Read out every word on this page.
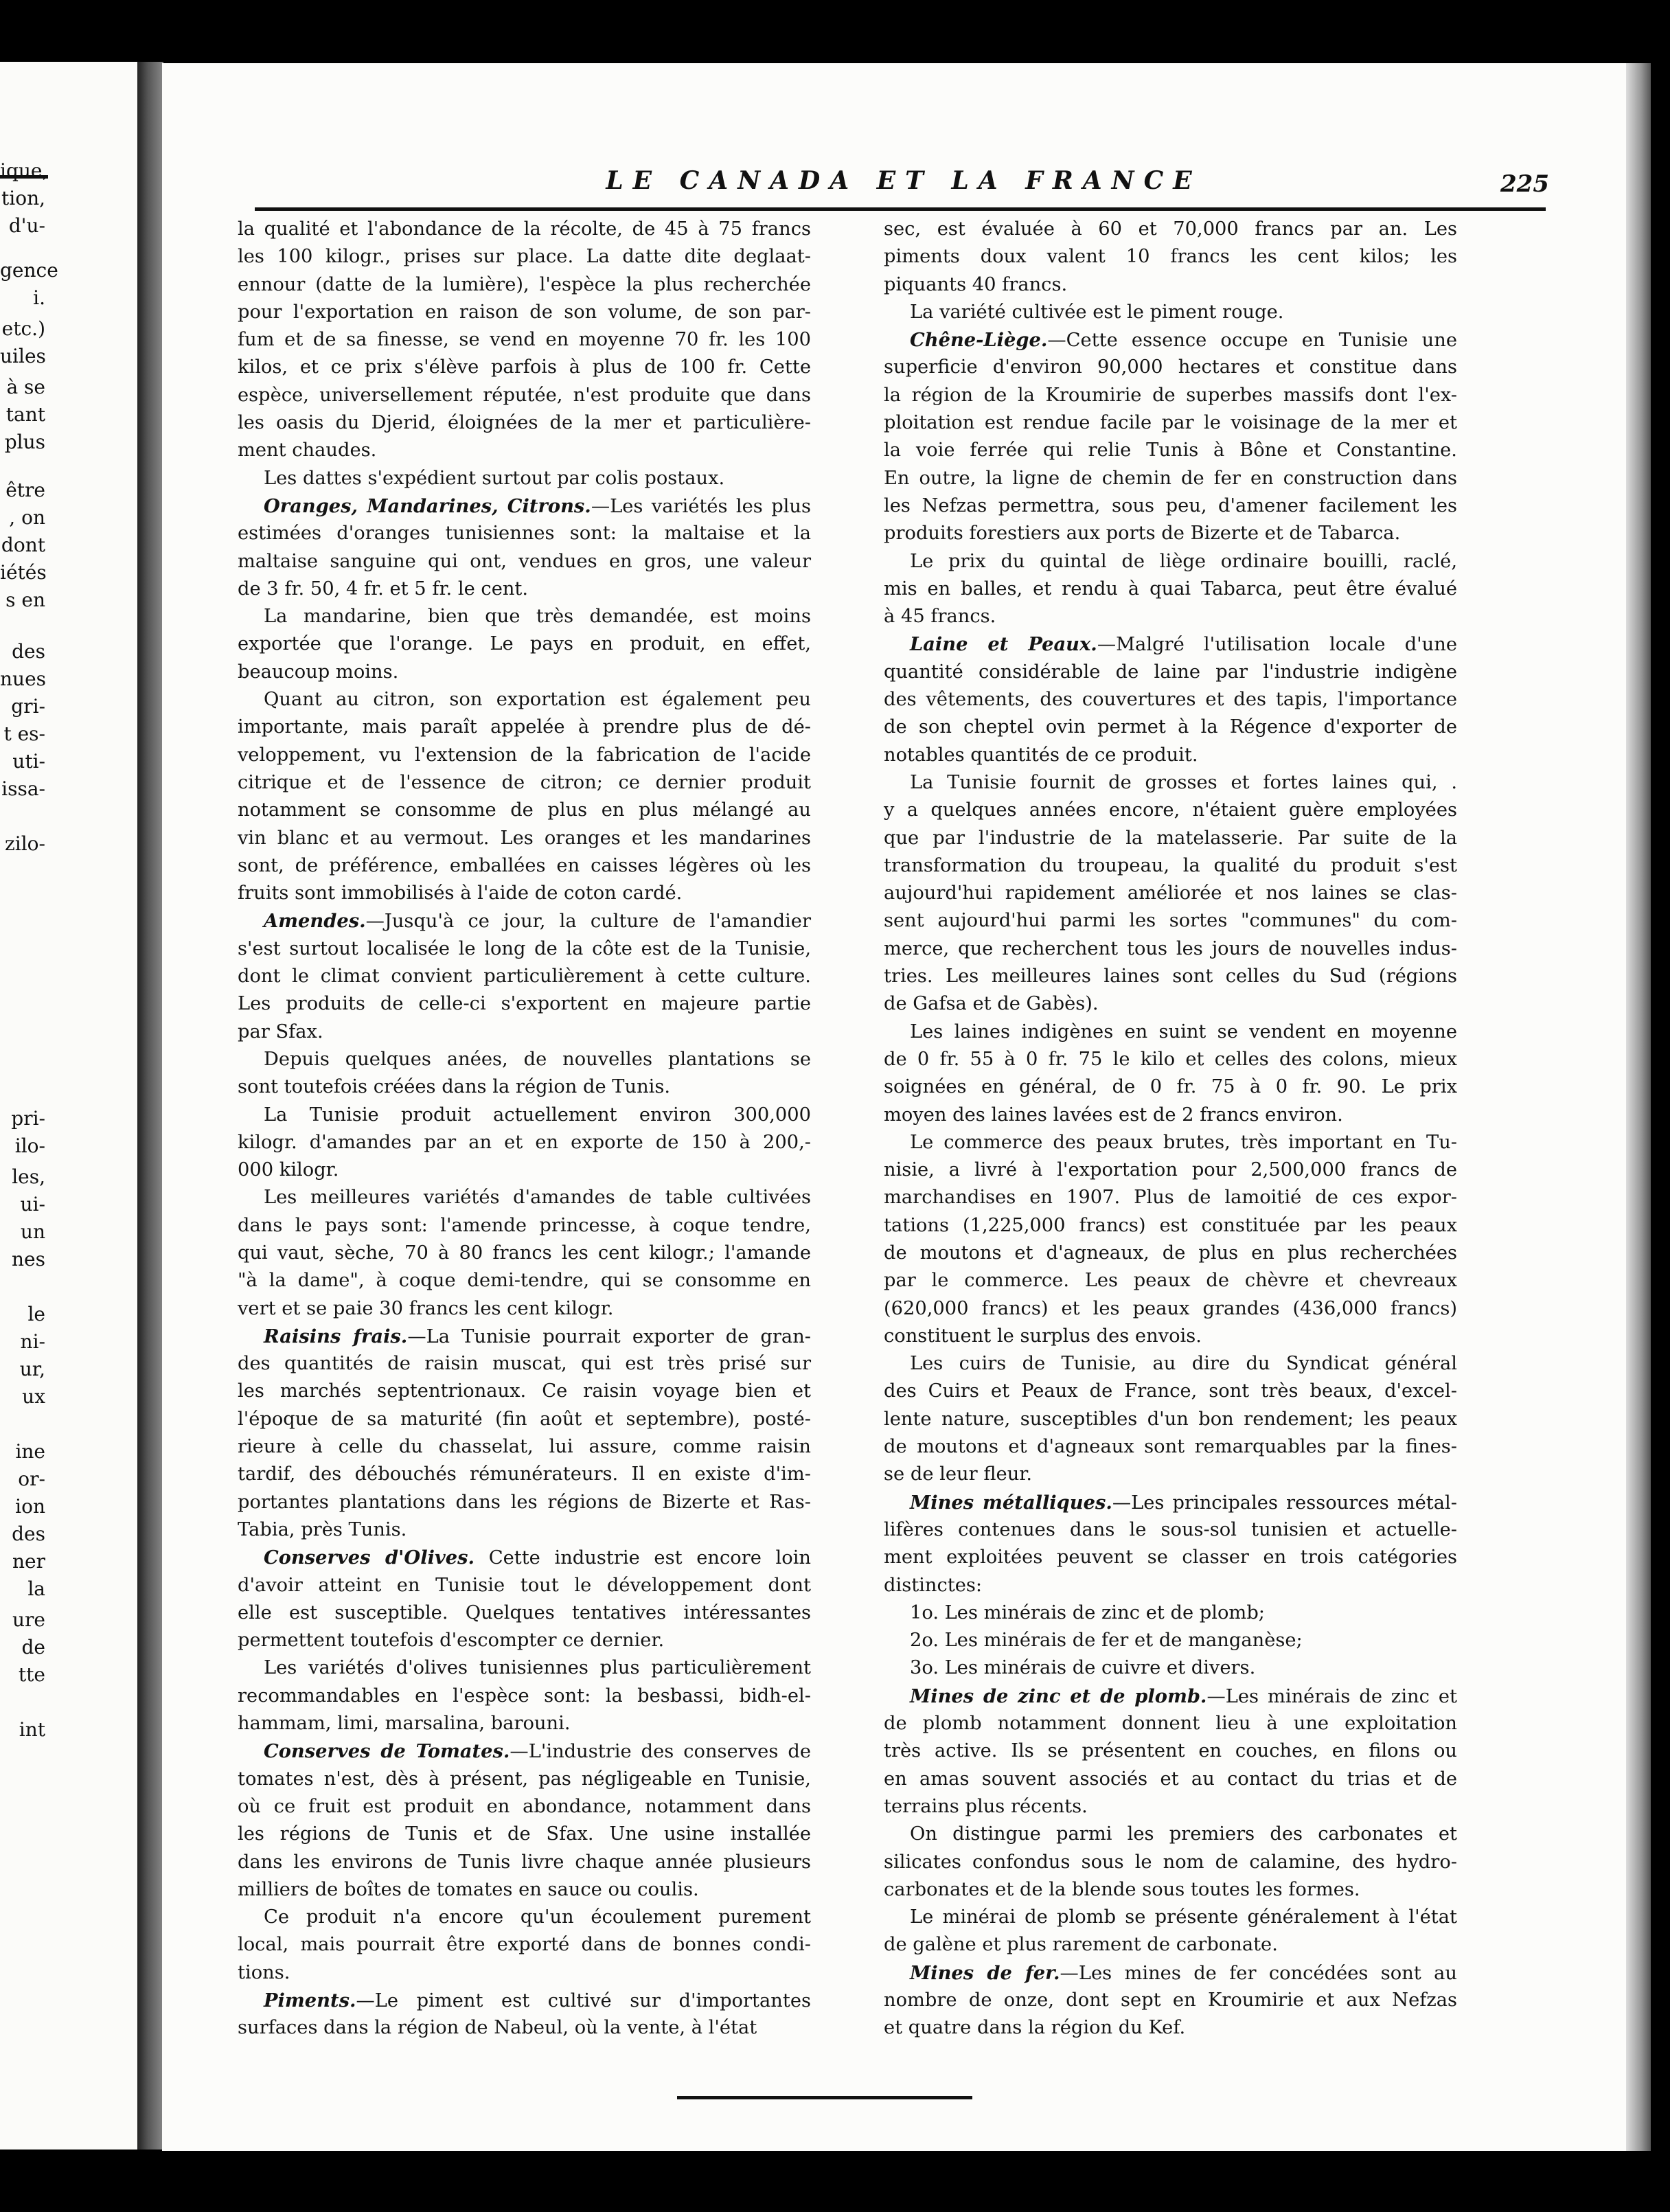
ique,
tion,
d'u-
gence
i.
etc.)
uiles
à se
tant
plus
être
, on
dont
iétés
s en
des
nues
gri-
t es-
uti-
issa-
zilo-
pri-
ilo-
les,
ui-
un
nes
le
ni-
ur,
ux
ine
or-
ion
des
ner
la
ure
de
tte
int
LE CANADA ET LA FRANCE	225
la qualité et l'abondance de la récolte, de 45 à 75 francs
les 100 kilogr., prises sur place. La datte dite deglaat-
ennour (datte de la lumière), l'espèce la plus recherchée
pour l'exportation en raison de son volume, de son par-
fum et de sa finesse, se vend en moyenne 70 fr. les 100
kilos, et ce prix s'élève parfois à plus de 100 fr. Cette
espèce, universellement réputée, n'est produite que dans
les oasis du Djerid, éloignées de la mer et particulière-
ment chaudes.
Les dattes s'expédient surtout par colis postaux.
Oranges, Mandarines, Citrons.—Les variétés les plus
estimées d'oranges tunisiennes sont: la maltaise et la
maltaise sanguine qui ont, vendues en gros, une valeur
de 3 fr. 50, 4 fr. et 5 fr. le cent.
La mandarine, bien que très demandée, est moins
exportée que l'orange. Le pays en produit, en effet,
beaucoup moins.
Quant au citron, son exportation est également peu
importante, mais paraît appelée à prendre plus de dé-
veloppement, vu l'extension de la fabrication de l'acide
citrique et de l'essence de citron; ce dernier produit
notamment se consomme de plus en plus mélangé au
vin blanc et au vermout. Les oranges et les mandarines
sont, de préférence, emballées en caisses légères où les
fruits sont immobilisés à l'aide de coton cardé.
Amendes.—Jusqu'à ce jour, la culture de l'amandier
s'est surtout localisée le long de la côte est de la Tunisie,
dont le climat convient particulièrement à cette culture.
Les produits de celle-ci s'exportent en majeure partie
par Sfax.
Depuis quelques anées, de nouvelles plantations se
sont toutefois créées dans la région de Tunis.
La Tunisie produit actuellement environ 300,000
kilogr. d'amandes par an et en exporte de 150 à 200,-
000 kilogr.
Les meilleures variétés d'amandes de table cultivées
dans le pays sont: l'amende princesse, à coque tendre,
qui vaut, sèche, 70 à 80 francs les cent kilogr.; l'amande
"à la dame", à coque demi-tendre, qui se consomme en
vert et se paie 30 francs les cent kilogr.
Raisins frais.—La Tunisie pourrait exporter de gran-
des quantités de raisin muscat, qui est très prisé sur
les marchés septentrionaux. Ce raisin voyage bien et
l'époque de sa maturité (fin août et septembre), posté-
rieure à celle du chasselat, lui assure, comme raisin
tardif, des débouchés rémunérateurs. Il en existe d'im-
portantes plantations dans les régions de Bizerte et Ras-
Tabia, près Tunis.
Conserves d'Olives. Cette industrie est encore loin
d'avoir atteint en Tunisie tout le développement dont
elle est susceptible. Quelques tentatives intéressantes
permettent toutefois d'escompter ce dernier.
Les variétés d'olives tunisiennes plus particulièrement
recommandables en l'espèce sont: la besbassi, bidh-el-
hammam, limi, marsalina, barouni.
Conserves de Tomates.—L'industrie des conserves de
tomates n'est, dès à présent, pas négligeable en Tunisie,
où ce fruit est produit en abondance, notamment dans
les régions de Tunis et de Sfax. Une usine installée
dans les environs de Tunis livre chaque année plusieurs
milliers de boîtes de tomates en sauce ou coulis.
Ce produit n'a encore qu'un écoulement purement
local, mais pourrait être exporté dans de bonnes condi-
tions.
Piments.—Le piment est cultivé sur d'importantes
surfaces dans la région de Nabeul, où la vente, à l'état
sec, est évaluée à 60 et 70,000 francs par an. Les
piments doux valent 10 francs les cent kilos; les
piquants 40 francs.
La variété cultivée est le piment rouge.
Chêne-Liège.—Cette essence occupe en Tunisie une
superficie d'environ 90,000 hectares et constitue dans
la région de la Kroumirie de superbes massifs dont l'ex-
ploitation est rendue facile par le voisinage de la mer et
la voie ferrée qui relie Tunis à Bône et Constantine.
En outre, la ligne de chemin de fer en construction dans
les Nefzas permettra, sous peu, d'amener facilement les
produits forestiers aux ports de Bizerte et de Tabarca.
Le prix du quintal de liège ordinaire bouilli, raclé,
mis en balles, et rendu à quai Tabarca, peut être évalué
à 45 francs.
Laine et Peaux.—Malgré l'utilisation locale d'une
quantité considérable de laine par l'industrie indigène
des vêtements, des couvertures et des tapis, l'importance
de son cheptel ovin permet à la Régence d'exporter de
notables quantités de ce produit.
La Tunisie fournit de grosses et fortes laines qui, .
y a quelques années encore, n'étaient guère employées
que par l'industrie de la matelasserie. Par suite de la
transformation du troupeau, la qualité du produit s'est
aujourd'hui rapidement améliorée et nos laines se clas-
sent aujourd'hui parmi les sortes "communes" du com-
merce, que recherchent tous les jours de nouvelles indus-
tries. Les meilleures laines sont celles du Sud (régions
de Gafsa et de Gabès).
Les laines indigènes en suint se vendent en moyenne
de 0 fr. 55 à 0 fr. 75 le kilo et celles des colons, mieux
soignées en général, de 0 fr. 75 à 0 fr. 90. Le prix
moyen des laines lavées est de 2 francs environ.
Le commerce des peaux brutes, très important en Tu-
nisie, a livré à l'exportation pour 2,500,000 francs de
marchandises en 1907. Plus de lamoitié de ces expor-
tations (1,225,000 francs) est constituée par les peaux
de moutons et d'agneaux, de plus en plus recherchées
par le commerce. Les peaux de chèvre et chevreaux
(620,000 francs) et les peaux grandes (436,000 francs)
constituent le surplus des envois.
Les cuirs de Tunisie, au dire du Syndicat général
des Cuirs et Peaux de France, sont très beaux, d'excel-
lente nature, susceptibles d'un bon rendement; les peaux
de moutons et d'agneaux sont remarquables par la fines-
se de leur fleur.
Mines métalliques.—Les principales ressources métal-
lifères contenues dans le sous-sol tunisien et actuelle-
ment exploitées peuvent se classer en trois catégories
distinctes:
1o. Les minérais de zinc et de plomb;
2o. Les minérais de fer et de manganèse;
3o. Les minérais de cuivre et divers.
Mines de zinc et de plomb.—Les minérais de zinc et
de plomb notamment donnent lieu à une exploitation
très active. Ils se présentent en couches, en filons ou
en amas souvent associés et au contact du trias et de
terrains plus récents.
On distingue parmi les premiers des carbonates et
silicates confondus sous le nom de calamine, des hydro-
carbonates et de la blende sous toutes les formes.
Le minérai de plomb se présente généralement à l'état
de galène et plus rarement de carbonate.
Mines de fer.—Les mines de fer concédées sont au
nombre de onze, dont sept en Kroumirie et aux Nefzas
et quatre dans la région du Kef.
